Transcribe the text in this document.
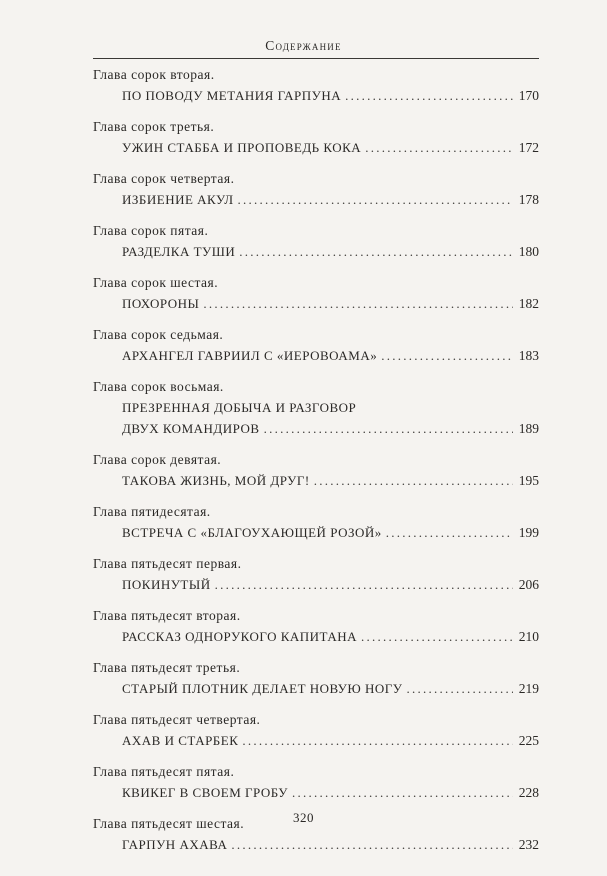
Содержание
Глава сорок вторая.
ПО ПОВОДУ МЕТАНИЯ ГАРПУНА . . .	170
Глава сорок третья.
УЖИН СТАББА И ПРОПОВЕДЬ КОКА . . .	172
Глава сорок четвертая.
ИЗБИЕНИЕ АКУЛ . . .	178
Глава сорок пятая.
РАЗДЕЛКА ТУШИ . . .	180
Глава сорок шестая.
ПОХОРОНЫ . . .	182
Глава сорок седьмая.
АРХАНГЕЛ ГАВРИИЛ С «ИЕРОВОАМА» . . .	183
Глава сорок восьмая.
ПРЕЗРЕННАЯ ДОБЫЧА И РАЗГОВОР
ДВУХ КОМАНДИРОВ . . .	189
Глава сорок девятая.
ТАКОВА ЖИЗНЬ, МОЙ ДРУГ! . . .	195
Глава пятидесятая.
ВСТРЕЧА С «БЛАГОУХАЮЩЕЙ РОЗОЙ» . . .	199
Глава пятьдесят первая.
ПОКИНУТЫЙ . . .	206
Глава пятьдесят вторая.
РАССКАЗ ОДНОРУКОГО КАПИТАНА . . .	210
Глава пятьдесят третья.
СТАРЫЙ ПЛОТНИК ДЕЛАЕТ НОВУЮ НОГУ . . .	219
Глава пятьдесят четвертая.
АХАВ И СТАРБЕК . . .	225
Глава пятьдесят пятая.
КВИКЕГ В СВОЕМ ГРОБУ . . .	228
Глава пятьдесят шестая.
ГАРПУН АХАВА . . .	232
320
